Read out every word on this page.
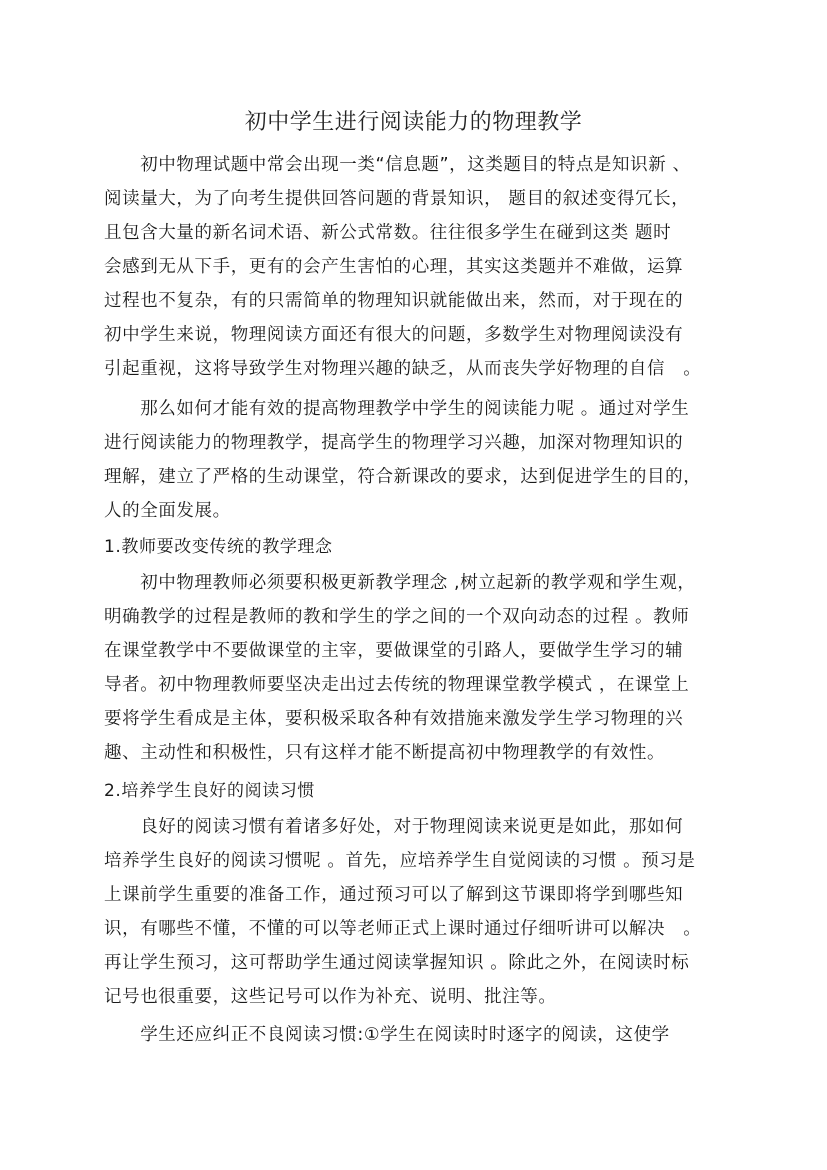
初中学生进行阅读能力的物理教学
　　初中物理试题中常会出现一类“信息题”，这类题目的特点是知识新 、
阅读量大，为了向考生提供回答问题的背景知识， 题目的叙述变得冗长，
且包含大量的新名词术语、新公式常数。往往很多学生在碰到这类 题时
会感到无从下手，更有的会产生害怕的心理，其实这类题并不难做，运算
过程也不复杂，有的只需简单的物理知识就能做出来，然而，对于现在的
初中学生来说，物理阅读方面还有很大的问题，多数学生对物理阅读没有
引起重视，这将导致学生对物理兴趣的缺乏，从而丧失学好物理的自信　。
　　那么如何才能有效的提高物理教学中学生的阅读能力呢 。通过对学生
进行阅读能力的物理教学，提高学生的物理学习兴趣，加深对物理知识的
理解，建立了严格的生动课堂，符合新课改的要求，达到促进学生的目的，
人的全面发展。
1.教师要改变传统的教学理念
　　初中物理教师必须要积极更新教学理念 ,树立起新的教学观和学生观，
明确教学的过程是教师的教和学生的学之间的一个双向动态的过程 。教师
在课堂教学中不要做课堂的主宰，要做课堂的引路人，要做学生学习的辅
导者。初中物理教师要坚决走出过去传统的物理课堂教学模式 ，在课堂上
要将学生看成是主体，要积极采取各种有效措施来激发学生学习物理的兴
趣、主动性和积极性，只有这样才能不断提高初中物理教学的有效性。
2.培养学生良好的阅读习惯
　　良好的阅读习惯有着诸多好处，对于物理阅读来说更是如此，那如何
培养学生良好的阅读习惯呢 。首先，应培养学生自觉阅读的习惯 。预习是
上课前学生重要的准备工作，通过预习可以了解到这节课即将学到哪些知
识，有哪些不懂，不懂的可以等老师正式上课时通过仔细听讲可以解决　。
再让学生预习，这可帮助学生通过阅读掌握知识 。除此之外，在阅读时标
记号也很重要，这些记号可以作为补充、说明、批注等。
　　学生还应纠正不良阅读习惯:①学生在阅读时时逐字的阅读，这使学
